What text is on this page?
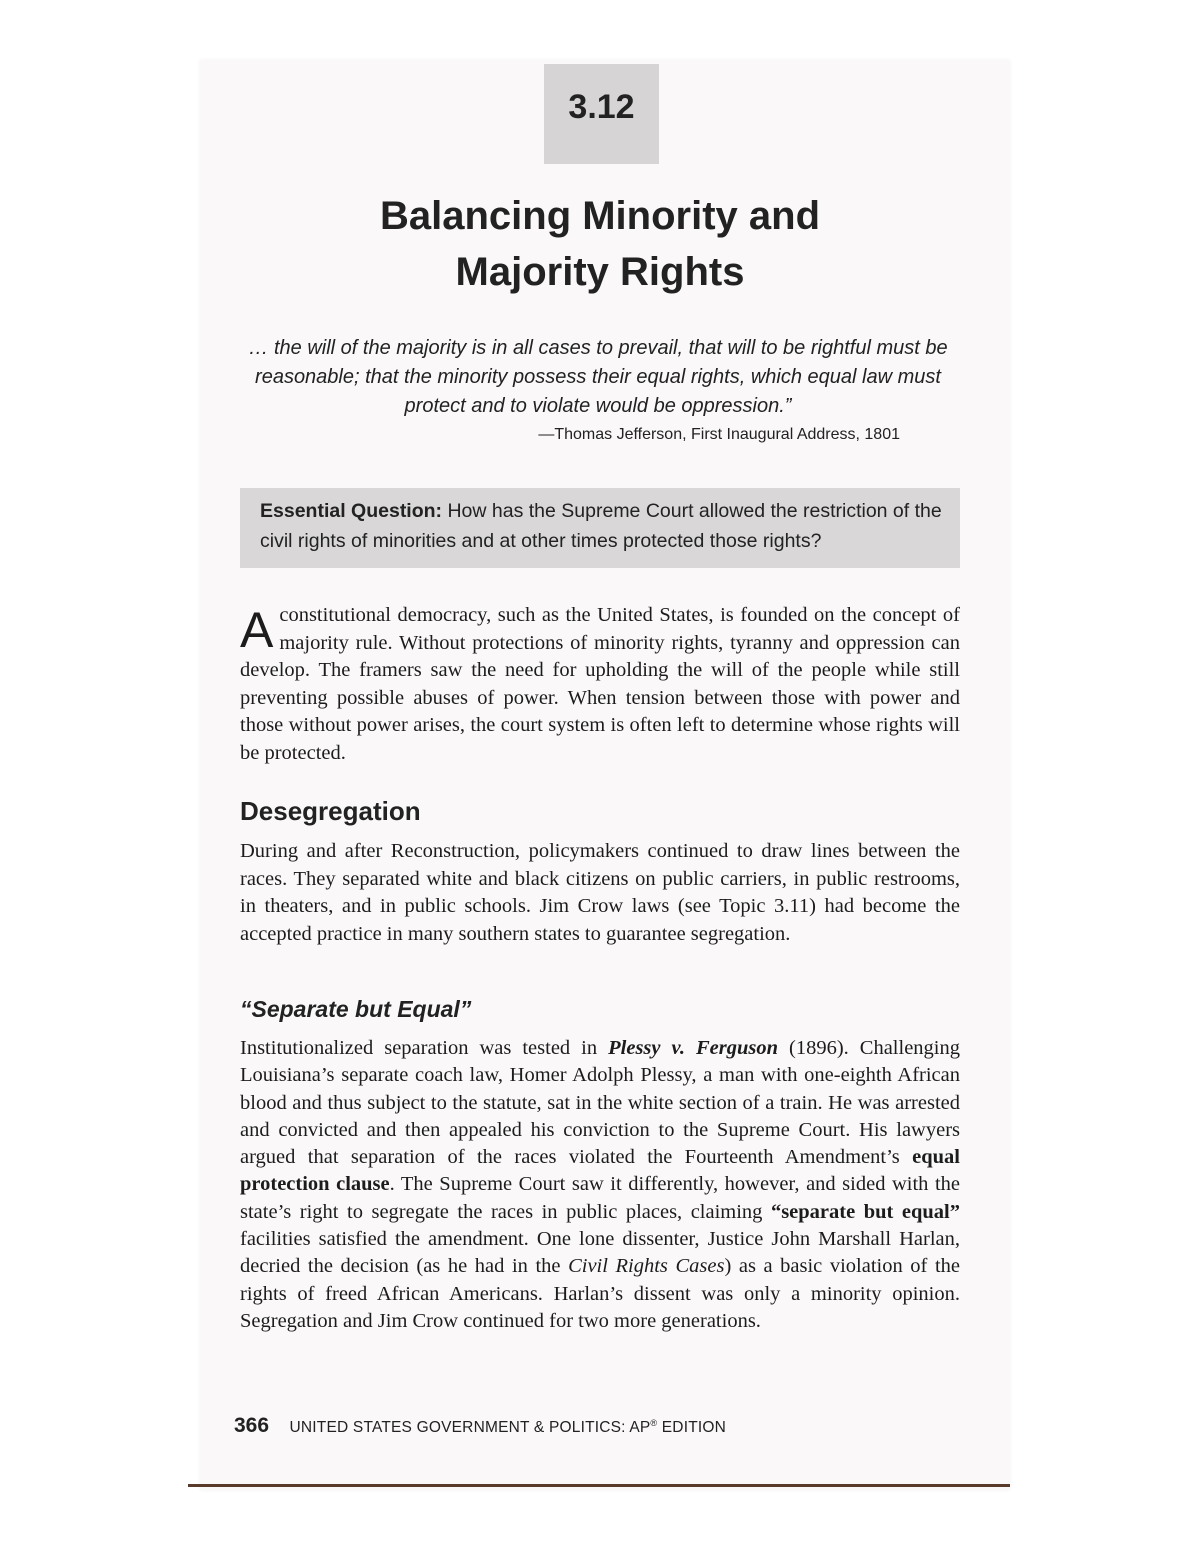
3.12
Balancing Minority and
Majority Rights

… the will of the majority is in all cases to prevail, that will to be rightful must be reasonable; that the minority possess their equal rights, which equal law must protect and to violate would be oppression.”

—Thomas Jefferson, First Inaugural Address, 1801
Essential Question: How has the Supreme Court allowed the restriction of the civil rights of minorities and at other times protected those rights?

A constitutional democracy, such as the United States, is founded on the concept of majority rule. Without protections of minority rights, tyranny and oppression can develop. The framers saw the need for upholding the will of the people while still preventing possible abuses of power. When tension between those with power and those without power arises, the court system is often left to determine whose rights will be protected.

Desegregation

During and after Reconstruction, policymakers continued to draw lines between the races. They separated white and black citizens on public carriers, in public restrooms, in theaters, and in public schools. Jim Crow laws (see Topic 3.11) had become the accepted practice in many southern states to guarantee segregation.

“Separate but Equal”

Institutionalized separation was tested in Plessy v. Ferguson (1896). Challenging Louisiana’s separate coach law, Homer Adolph Plessy, a man with one-eighth African blood and thus subject to the statute, sat in the white section of a train. He was arrested and convicted and then appealed his conviction to the Supreme Court. His lawyers argued that separation of the races violated the Fourteenth Amendment’s equal protection clause. The Supreme Court saw it differently, however, and sided with the state’s right to segregate the races in public places, claiming “separate but equal” facilities satisfied the amendment. One lone dissenter, Justice John Marshall Harlan, decried the decision (as he had in the Civil Rights Cases) as a basic violation of the rights of freed African Americans. Harlan’s dissent was only a minority opinion. Segregation and Jim Crow continued for two more generations.

366 UNITED STATES GOVERNMENT & POLITICS: AP® EDITION
